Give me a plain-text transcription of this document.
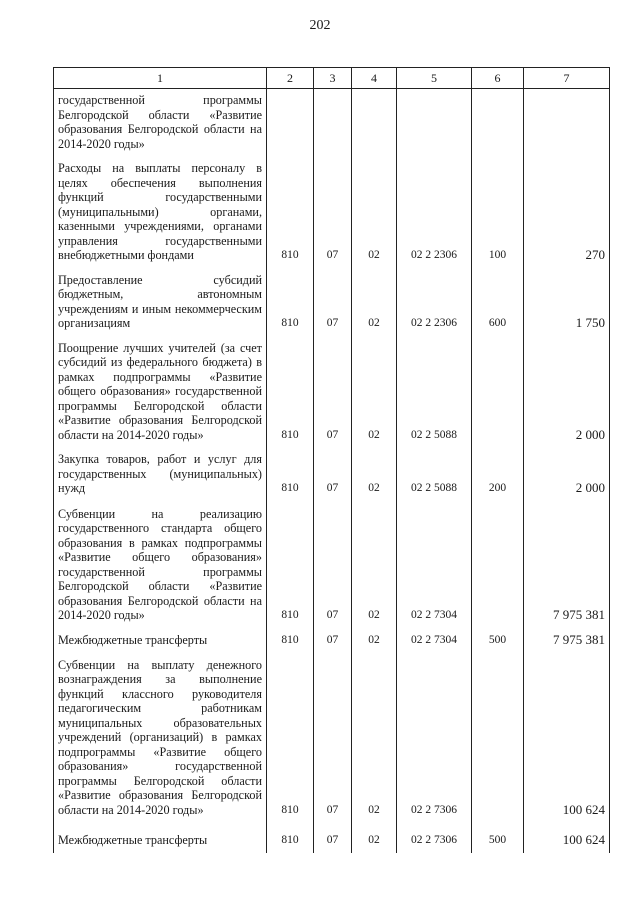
202
1	2	3	4	5	6	7
государственной программы Белгородской области «Развитие образования Белгородской области на 2014-2020 годы»						
Расходы на выплаты персоналу в целях обеспечения выполнения функций государственными (муниципальными) органами, казенными учреждениями, органами управления государственными внебюджетными фондами	810	07	02	02 2 2306	100	270
Предоставление субсидий бюджетным, автономным учреждениям и иным некоммерческим организациям	810	07	02	02 2 2306	600	1 750
Поощрение лучших учителей (за счет субсидий из федерального бюджета) в рамках подпрограммы «Развитие общего образования» государственной программы Белгородской области «Развитие образования Белгородской области на 2014-2020 годы»	810	07	02	02 2 5088		2 000
Закупка товаров, работ и услуг для государственных (муниципальных) нужд	810	07	02	02 2 5088	200	2 000
Субвенции на реализацию государственного стандарта общего образования в рамках подпрограммы «Развитие общего образования» государственной программы Белгородской области «Развитие образования Белгородской области на 2014-2020 годы»	810	07	02	02 2 7304		7 975 381
Межбюджетные трансферты	810	07	02	02 2 7304	500	7 975 381
Субвенции на выплату денежного вознаграждения за выполнение функций классного руководителя педагогическим работникам муниципальных образовательных учреждений (организаций) в рамках подпрограммы «Развитие общего образования» государственной программы Белгородской области «Развитие образования Белгородской области на 2014-2020 годы»	810	07	02	02 2 7306		100 624
Межбюджетные трансферты	810	07	02	02 2 7306	500	100 624
